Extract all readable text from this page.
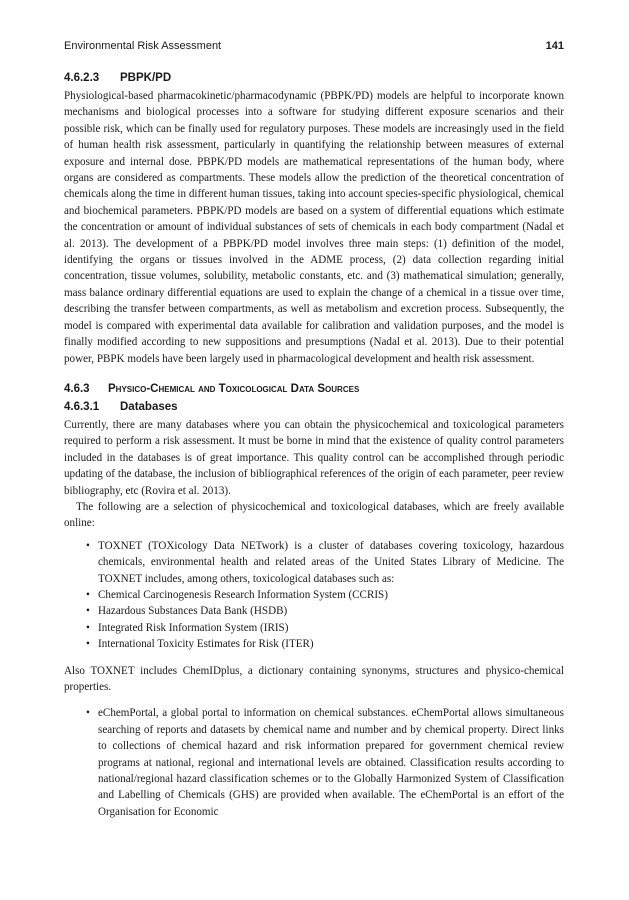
Environmental Risk Assessment	141
4.6.2.3 PBPK/PD

Physiological-based pharmacokinetic/pharmacodynamic (PBPK/PD) models are helpful to incorporate known mechanisms and biological processes into a software for studying different exposure scenarios and their possible risk, which can be finally used for regulatory purposes. These models are increasingly used in the field of human health risk assessment, particularly in quantifying the relationship between measures of external exposure and internal dose. PBPK/PD models are mathematical representations of the human body, where organs are considered as compartments. These models allow the prediction of the theoretical concentration of chemicals along the time in different human tissues, taking into account species-specific physiological, chemical and biochemical parameters. PBPK/PD models are based on a system of differential equations which estimate the concentration or amount of individual substances of sets of chemicals in each body compartment (Nadal et al. 2013). The development of a PBPK/PD model involves three main steps: (1) definition of the model, identifying the organs or tissues involved in the ADME process, (2) data collection regarding initial concentration, tissue volumes, solubility, metabolic constants, etc. and (3) mathematical simulation; generally, mass balance ordinary differential equations are used to explain the change of a chemical in a tissue over time, describing the transfer between compartments, as well as metabolism and excretion process. Subsequently, the model is compared with experimental data available for calibration and validation purposes, and the model is finally modified according to new suppositions and presumptions (Nadal et al. 2013). Due to their potential power, PBPK models have been largely used in pharmacological development and health risk assessment.

4.6.3 Physico-Chemical and Toxicological Data Sources
4.6.3.1 Databases

Currently, there are many databases where you can obtain the physicochemical and toxicological parameters required to perform a risk assessment. It must be borne in mind that the existence of quality control parameters included in the databases is of great importance. This quality control can be accomplished through periodic updating of the database, the inclusion of bibliographical references of the origin of each parameter, peer review bibliography, etc (Rovira et al. 2013).

The following are a selection of physicochemical and toxicological databases, which are freely available online:

• TOXNET (TOXicology Data NETwork) is a cluster of databases covering toxicology, hazardous chemicals, environmental health and related areas of the United States Library of Medicine. The TOXNET includes, among others, toxicological databases such as:
• Chemical Carcinogenesis Research Information System (CCRIS)
• Hazardous Substances Data Bank (HSDB)
• Integrated Risk Information System (IRIS)
• International Toxicity Estimates for Risk (ITER)

Also TOXNET includes ChemIDplus, a dictionary containing synonyms, structures and physico-chemical properties.

• eChemPortal, a global portal to information on chemical substances. eChemPortal allows simultaneous searching of reports and datasets by chemical name and number and by chemical property. Direct links to collections of chemical hazard and risk information prepared for government chemical review programs at national, regional and international levels are obtained. Classification results according to national/regional hazard classification schemes or to the Globally Harmonized System of Classification and Labelling of Chemicals (GHS) are provided when available. The eChemPortal is an effort of the Organisation for Economic
